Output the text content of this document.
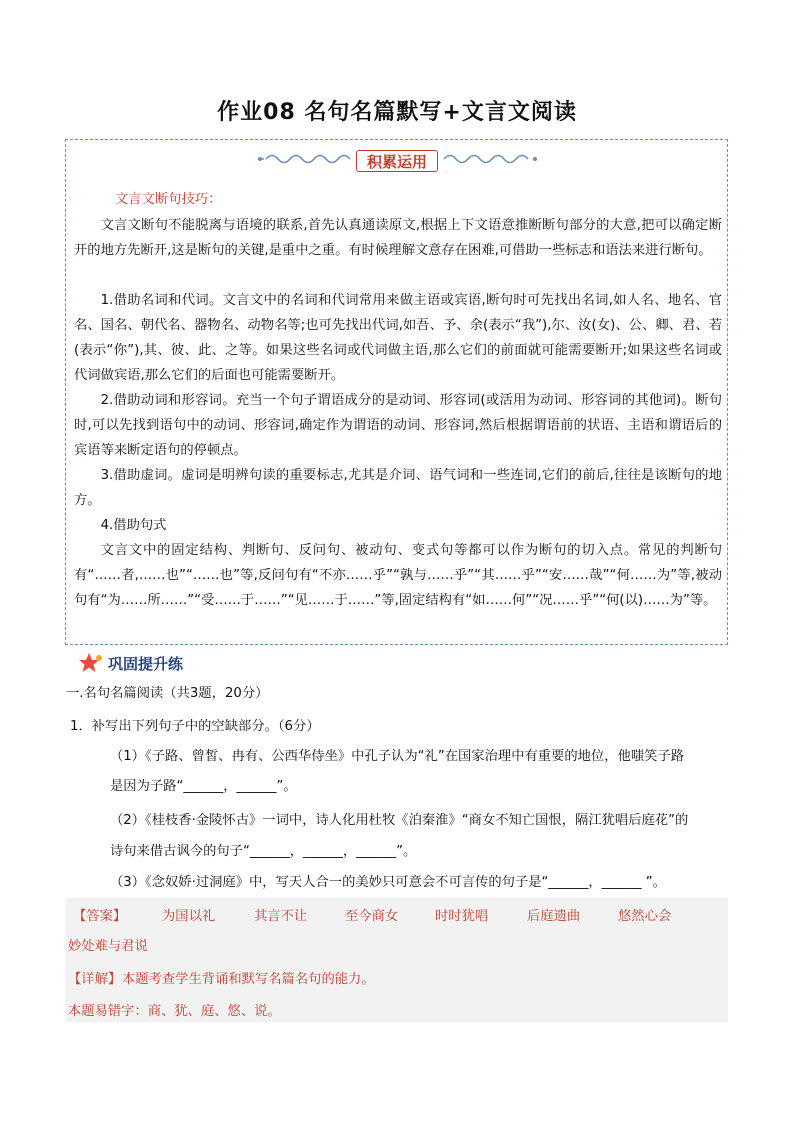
作业08 名句名篇默写+文言文阅读
积累运用
文言文断句技巧：
文言文断句不能脱离与语境的联系,首先认真通读原文,根据上下文语意推断断句部分的大意,把可以确定断开的地方先断开,这是断句的关键,是重中之重。有时候理解文意存在困难,可借助一些标志和语法来进行断句。
1.借助名词和代词。文言文中的名词和代词常用来做主语或宾语,断句时可先找出名词,如人名、地名、官名、国名、朝代名、器物名、动物名等;也可先找出代词,如吾、予、余(表示“我”),尔、汝(女)、公、卿、君、若(表示“你”),其、彼、此、之等。如果这些名词或代词做主语,那么它们的前面就可能需要断开;如果这些名词或代词做宾语,那么它们的后面也可能需要断开。
2.借助动词和形容词。充当一个句子谓语成分的是动词、形容词(或活用为动词、形容词的其他词)。断句时,可以先找到语句中的动词、形容词,确定作为谓语的动词、形容词,然后根据谓语前的状语、主语和谓语后的宾语等来断定语句的停顿点。
3.借助虚词。虚词是明辨句读的重要标志,尤其是介词、语气词和一些连词,它们的前后,往往是该断句的地方。
4.借助句式
文言文中的固定结构、判断句、反问句、被动句、变式句等都可以作为断句的切入点。常见的判断句有“……者,……也”“……也”等,反问句有“不亦……乎”“孰与……乎”“其……乎”“安……哉”“何……为”等,被动句有“为……所……”“受……于……”“见……于……”等,固定结构有“如……何”“况……乎”“何(以)……为”等。
巩固提升练
一.名句名篇阅读（共3题，20分）
1．补写出下列句子中的空缺部分。（6分）
（1）《子路、曾皙、冉有、公西华侍坐》中孔子认为“礼”在国家治理中有重要的地位，他嗤笑子路
是因为子路“______，______”。
（2）《桂枝香·金陵怀古》一词中，诗人化用杜牧《泊秦淮》“商女不知亡国恨，隔江犹唱后庭花”的
诗句来借古讽今的句子“______，______，______”。
（3）《念奴娇·过洞庭》中，写天人合一的美妙只可意会不可言传的句子是“______，______ ”。
【答案】	为国以礼	其言不让	至今商女	时时犹唱	后庭遗曲	悠然心会
妙处难与君说
【详解】 本题考查学生背诵和默写名篇名句的能力。
本题易错字：商、犹、庭、悠、说。
